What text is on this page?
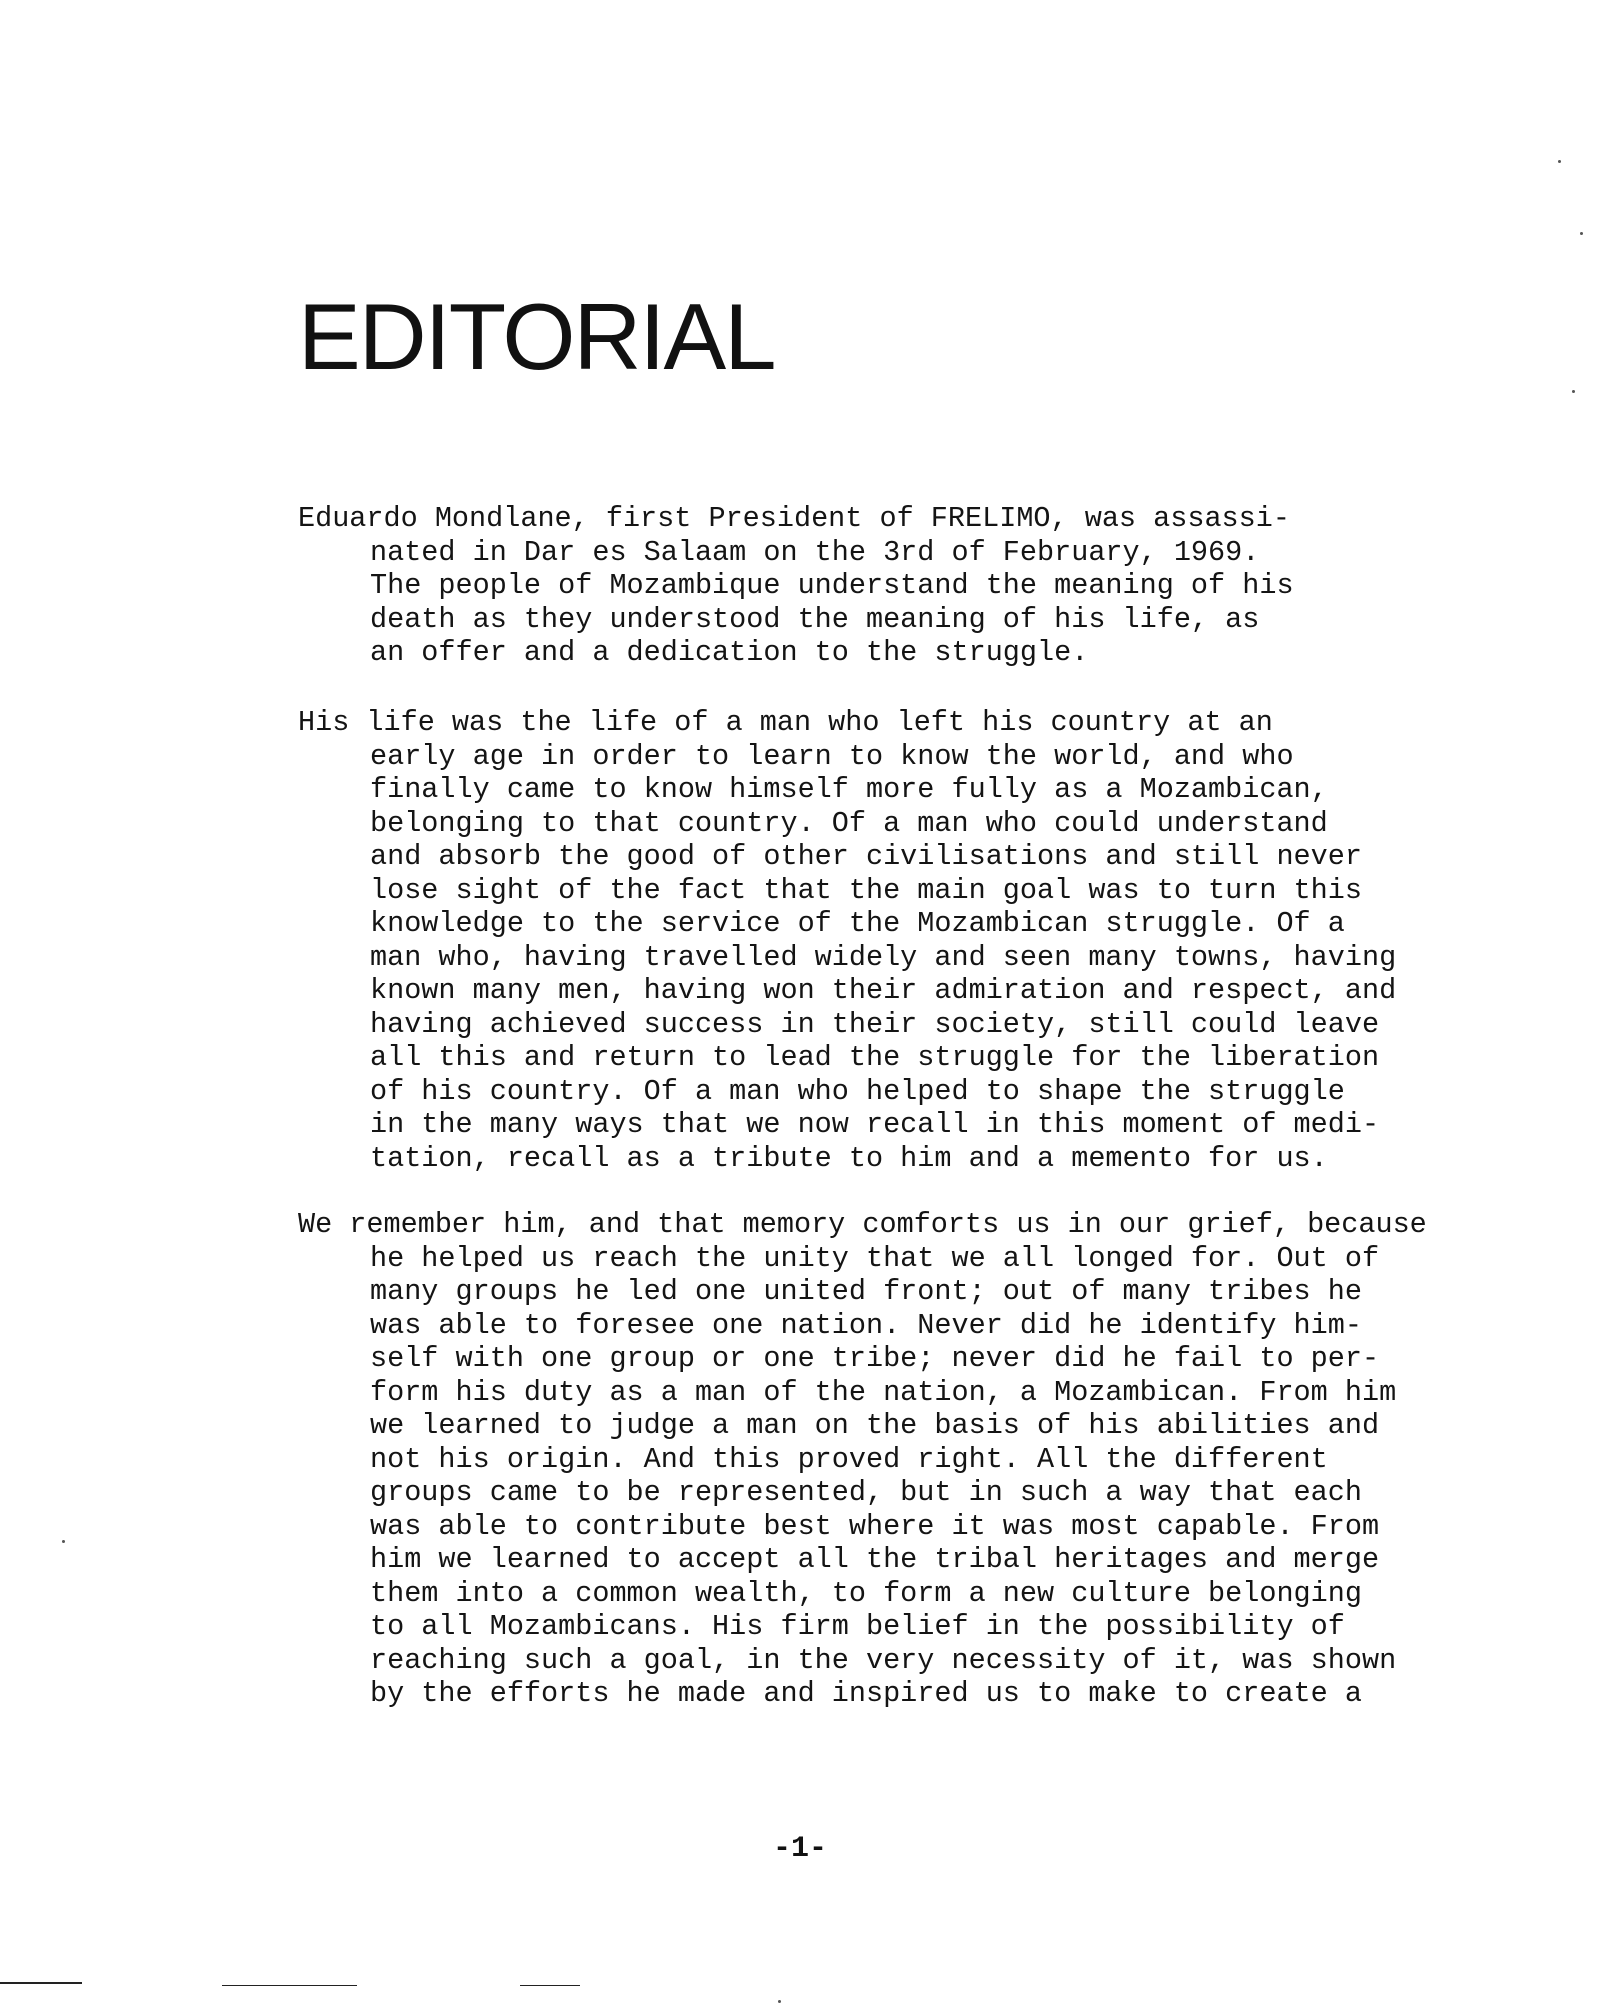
EDITORIAL
Eduardo Mondlane, first President of FRELIMO, was assassi-
nated in Dar es Salaam on the 3rd of February, 1969.
The people of Mozambique understand the meaning of his
death as they understood the meaning of his life, as
an offer and a dedication to the struggle.
His life was the life of a man who left his country at an
early age in order to learn to know the world, and who
finally came to know himself more fully as a Mozambican,
belonging to that country. Of a man who could understand
and absorb the good of other civilisations and still never
lose sight of the fact that the main goal was to turn this
knowledge to the service of the Mozambican struggle. Of a
man who, having travelled widely and seen many towns, having
known many men, having won their admiration and respect, and
having achieved success in their society, still could leave
all this and return to lead the struggle for the liberation
of his country. Of a man who helped to shape the struggle
in the many ways that we now recall in this moment of medi-
tation, recall as a tribute to him and a memento for us.
We remember him, and that memory comforts us in our grief, because
he helped us reach the unity that we all longed for. Out of
many groups he led one united front; out of many tribes he
was able to foresee one nation. Never did he identify him-
self with one group or one tribe; never did he fail to per-
form his duty as a man of the nation, a Mozambican. From him
we learned to judge a man on the basis of his abilities and
not his origin. And this proved right. All the different
groups came to be represented, but in such a way that each
was able to contribute best where it was most capable. From
him we learned to accept all the tribal heritages and merge
them into a common wealth, to form a new culture belonging
to all Mozambicans. His firm belief in the possibility of
reaching such a goal, in the very necessity of it, was shown
by the efforts he made and inspired us to make to create a
-1-
